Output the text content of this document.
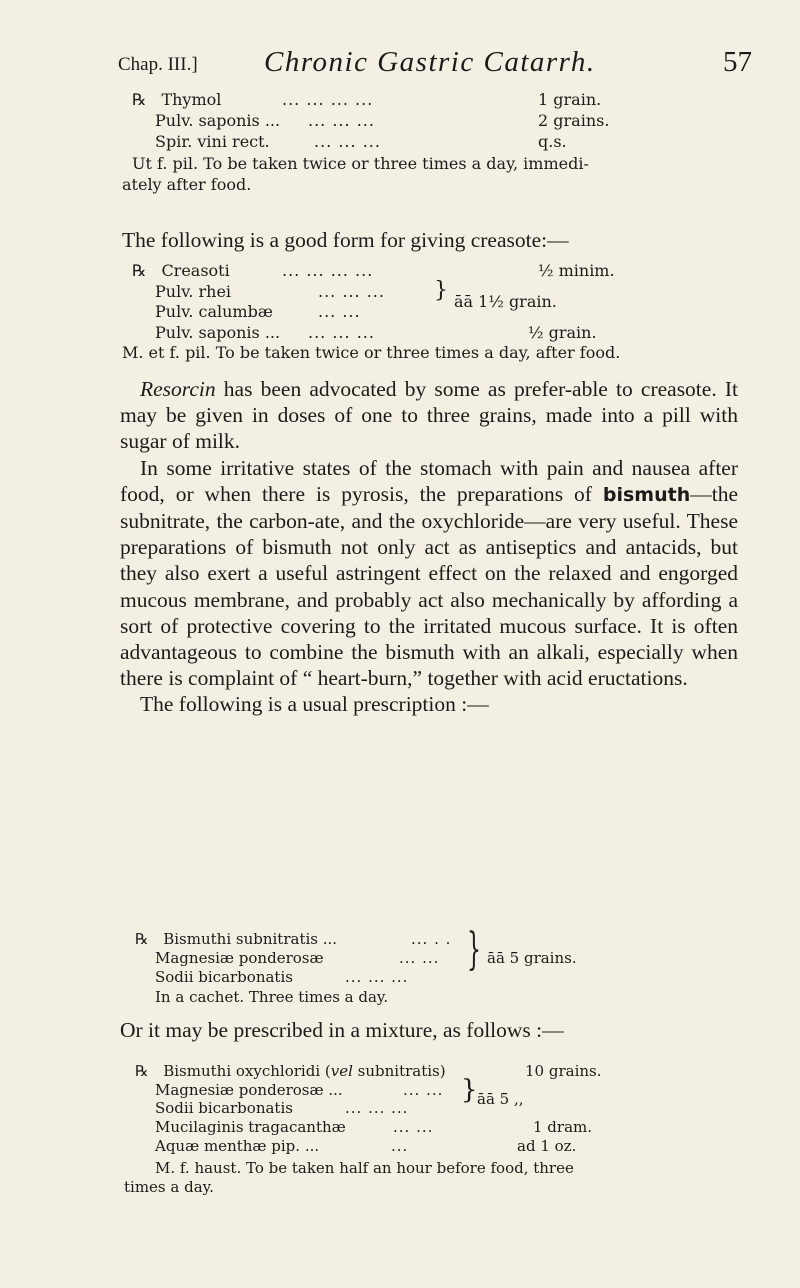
Chap. III.] Chronic Gastric Catarrh.	57
℞ Thymol	... ... ... ...	1 grain.
Pulv. saponis ... ... ... ...	2 grains.
Spir. vini rect.	... ... ...	q.s.
Ut f. pil. To be taken twice or three times a day, immedi-
ately after food.
The following is a good form for giving creasote:—
℞ Creasoti	... ... ... ...	½ minim.
Pulv. rhei	... ... ...
Pulv. calumbæ	... ...
} āā 1½ grain.
Pulv. saponis ... ... ... ...	½ grain.
M. et f. pil. To be taken twice or three times a day, after food.

Resorcin has been advocated by some as prefer-able to creasote. It may be given in doses of one to three grains, made into a pill with sugar of milk.

In some irritative states of the stomach with pain and nausea after food, or when there is pyrosis, the preparations of bismuth—the subnitrate, the carbon-ate, and the oxychloride—are very useful. These preparations of bismuth not only act as antiseptics and antacids, but they also exert a useful astringent effect on the relaxed and engorged mucous membrane, and probably act also mechanically by affording a sort of protective covering to the irritated mucous surface. It is often advantageous to combine the bismuth with an alkali, especially when there is complaint of “ heart-burn,” together with acid eructations.

The following is a usual prescription :—

℞ Bismuthi subnitratis ...	... . .
Magnesiæ ponderosæ	... ...
Sodii bicarbonatis	... ... ...
} āā 5 grains.
In a cachet. Three times a day.
Or it may be prescribed in a mixture, as follows :—
℞ Bismuthi oxychloridi (vel subnitratis)	10 grains.
Magnesiæ ponderosæ ...	... ...
Sodii bicarbonatis	... ... ...
} āā 5 ,,
Mucilaginis tragacanthæ	... ...	1 dram.
Aquæ menthæ pip. ...	...	ad 1 oz.
M. f. haust. To be taken half an hour before food, three
times a day.
